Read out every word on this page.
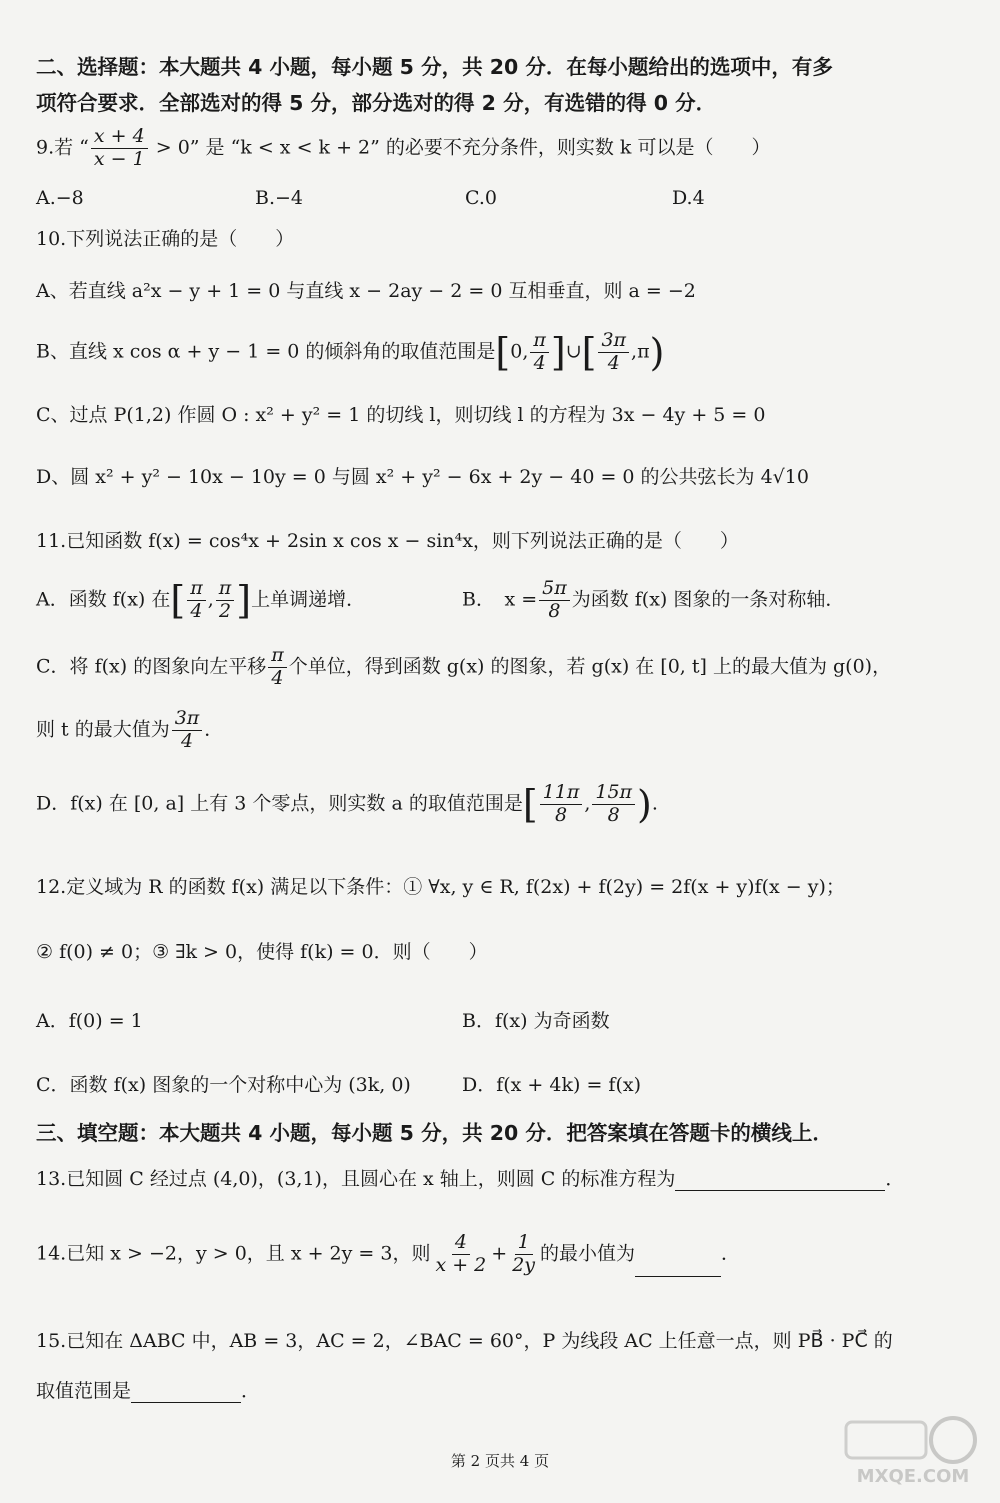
二、选择题：本大题共 4 小题，每小题 5 分，共 20 分．在每小题给出的选项中，有多
项符合要求．全部选对的得 5 分，部分选对的得 2 分，有选错的得 0 分．
9.若 “ $\frac{x + 4}{x - 1} > 0$” 是 “k < x < k + 2” 的必要不充分条件，则实数 k 可以是（　　）
A.−8	B.−4	C.0	D.4
10.下列说法正确的是（　　）
A、若直线 a²x − y + 1 = 0 与直线 x − 2ay − 2 = 0 互相垂直，则 a = −2
B、直线 x cos α + y − 1 = 0 的倾斜角的取值范围是[0, $\frac{\pi}{4}$ ]∪[ $\frac{3\pi}{4} ,\pi$)
C、过点 P(1,2) 作圆 O : x² + y² = 1 的切线 l，则切线 l 的方程为 3x − 4y + 5 = 0
D、圆 x² + y² − 10x − 10y = 0 与圆 x² + y² − 6x + 2y − 40 = 0 的公共弦长为 4√10
11.已知函数 f(x) = cos⁴x + 2sin x cos x − sin⁴x，则下列说法正确的是（　　）
A．函数 f(x) 在[ $\frac{\pi}{4}$ , $\frac{\pi}{2}$ ]上单调递增．	B．　$x = \frac{5\pi}{8}$ 为函数 f(x) 图象的一条对称轴．
C．将 f(x) 的图象向左平移 $\frac{\pi}{4}$ 个单位，得到函数 g(x) 的图象，若 g(x) 在 [0, t] 上的最大值为 g(0)，
则 t 的最大值为 $\frac{3\pi}{4}$ ．
D．f(x) 在 [0, a] 上有 3 个零点，则实数 a 的取值范围是[ $\frac{11\pi}{8}$ , $\frac{15\pi}{8}$ ).
12.定义域为 R 的函数 f(x) 满足以下条件：① ∀x, y ∈ R, f(2x) + f(2y) = 2f(x + y)f(x − y)；
② f(0) ≠ 0；③ ∃k > 0，使得 f(k) = 0．则（　　）
A．f(0) = 1	B．f(x) 为奇函数
C．函数 f(x) 图象的一个对称中心为 (3k, 0)	D．f(x + 4k) = f(x)
三、填空题：本大题共 4 小题，每小题 5 分，共 20 分．把答案填在答题卡的横线上．
13.已知圆 C 经过点 (4,0)，(3,1)，且圆心在 x 轴上，则圆 C 的标准方程为	．
14.已知 x > −2，y > 0，且 x + 2y = 3，则 $\frac{4}{x + 2} + \frac{1}{2y}$ 的最小值为	．
15.已知在 ΔABC 中，AB = 3，AC = 2，∠BAC = 60°，P 为线段 AC 上任意一点，则 PB⃗ · PC⃗ 的
取值范围是	．
第 2 页共 4 页
MXQE.COM
